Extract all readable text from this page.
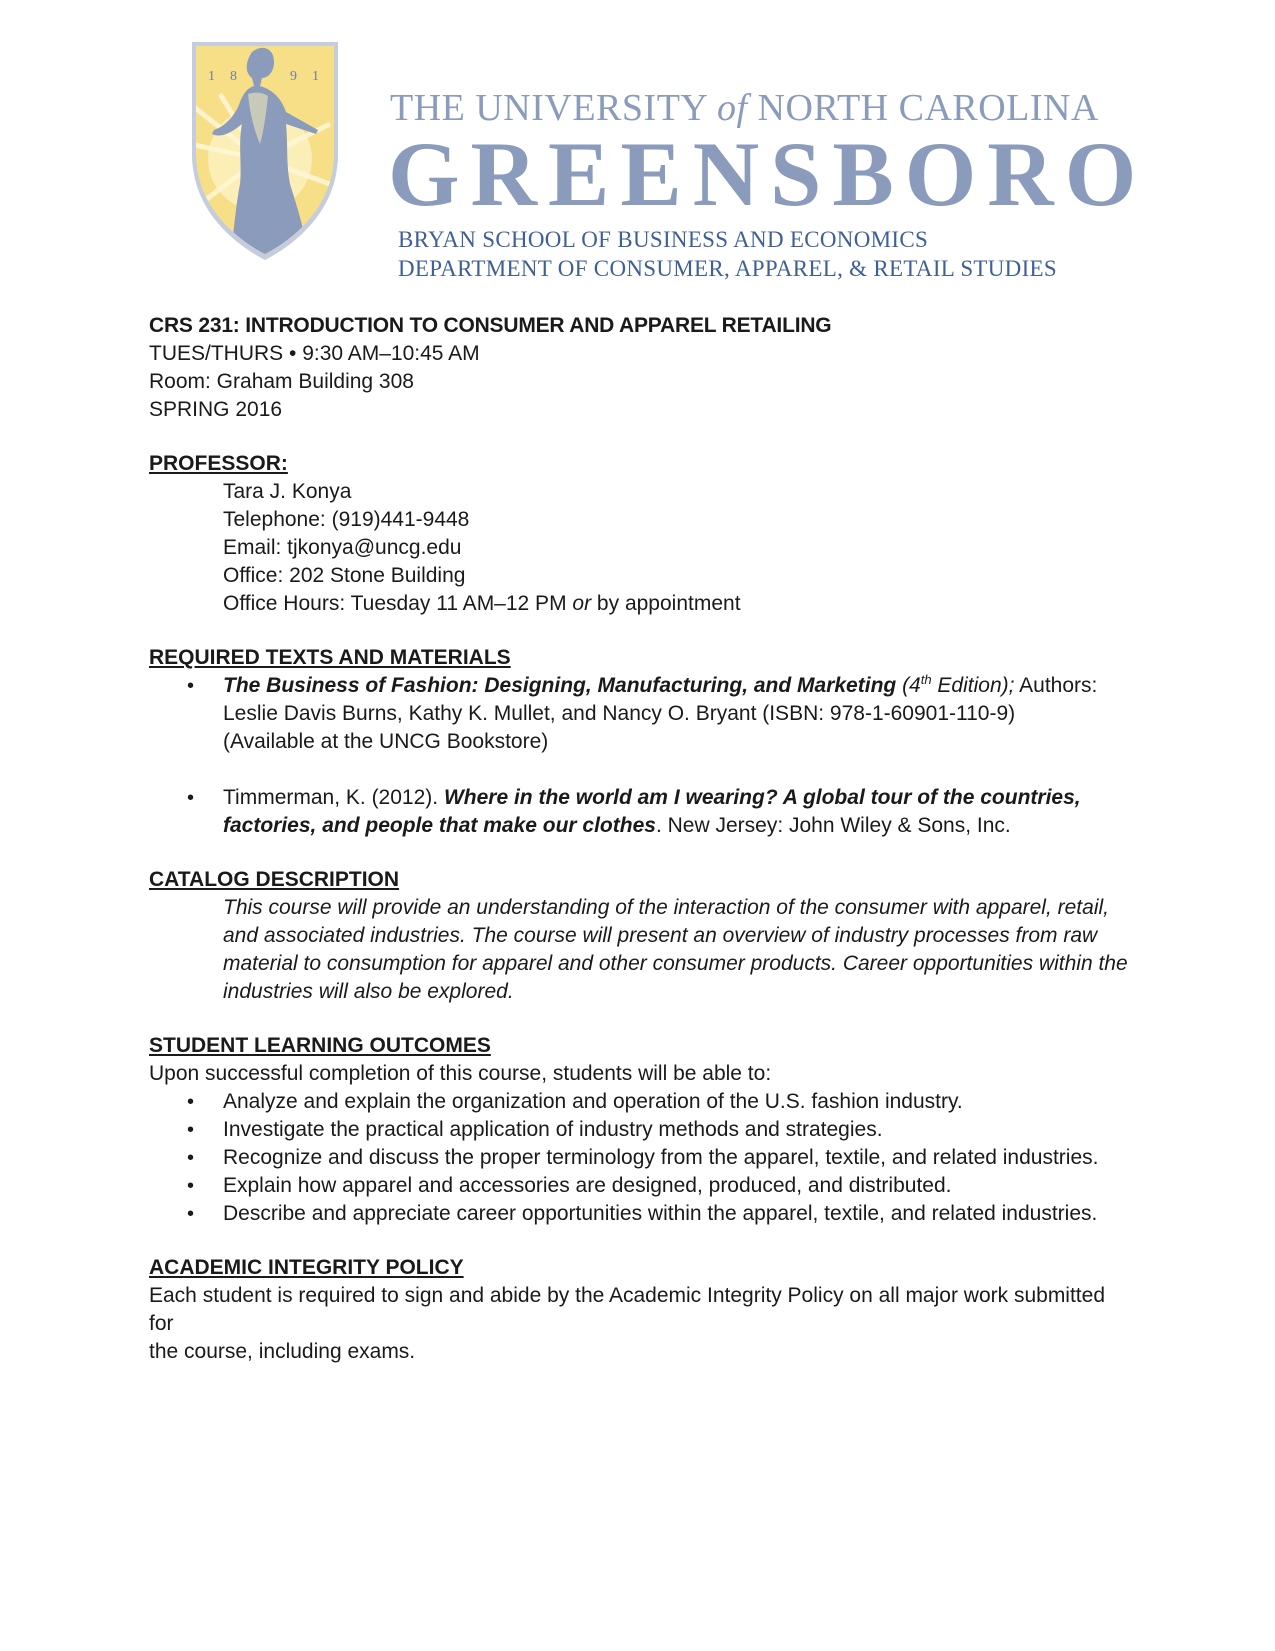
1 8	9 1

THE UNIVERSITY of NORTH CAROLINA

GREENSBORO

BRYAN SCHOOL OF BUSINESS AND ECONOMICS

DEPARTMENT OF CONSUMER, APPAREL, & RETAIL STUDIES

CRS 231: INTRODUCTION TO CONSUMER AND APPAREL RETAILING

TUES/THURS • 9:30 AM–10:45 AM

Room: Graham Building 308

SPRING 2016

PROFESSOR:

Tara J. Konya

Telephone: (919)441-9448

Email: tjkonya@uncg.edu

Office: 202 Stone Building

Office Hours: Tuesday 11 AM–12 PM or by appointment

REQUIRED TEXTS AND MATERIALS

• The Business of Fashion: Designing, Manufacturing, and Marketing (4th Edition); Authors:

Leslie Davis Burns, Kathy K. Mullet, and Nancy O. Bryant (ISBN: 978-1-60901-110-9)

(Available at the UNCG Bookstore)

• Timmerman, K. (2012). Where in the world am I wearing? A global tour of the countries,

factories, and people that make our clothes. New Jersey: John Wiley & Sons, Inc.

CATALOG DESCRIPTION

This course will provide an understanding of the interaction of the consumer with apparel, retail,

and associated industries. The course will present an overview of industry processes from raw

material to consumption for apparel and other consumer products. Career opportunities within the

industries will also be explored.

STUDENT LEARNING OUTCOMES

Upon successful completion of this course, students will be able to:

• Analyze and explain the organization and operation of the U.S. fashion industry.
• Investigate the practical application of industry methods and strategies.
• Recognize and discuss the proper terminology from the apparel, textile, and related industries.
• Explain how apparel and accessories are designed, produced, and distributed.
• Describe and appreciate career opportunities within the apparel, textile, and related industries.

ACADEMIC INTEGRITY POLICY

Each student is required to sign and abide by the Academic Integrity Policy on all major work submitted for

the course, including exams.
